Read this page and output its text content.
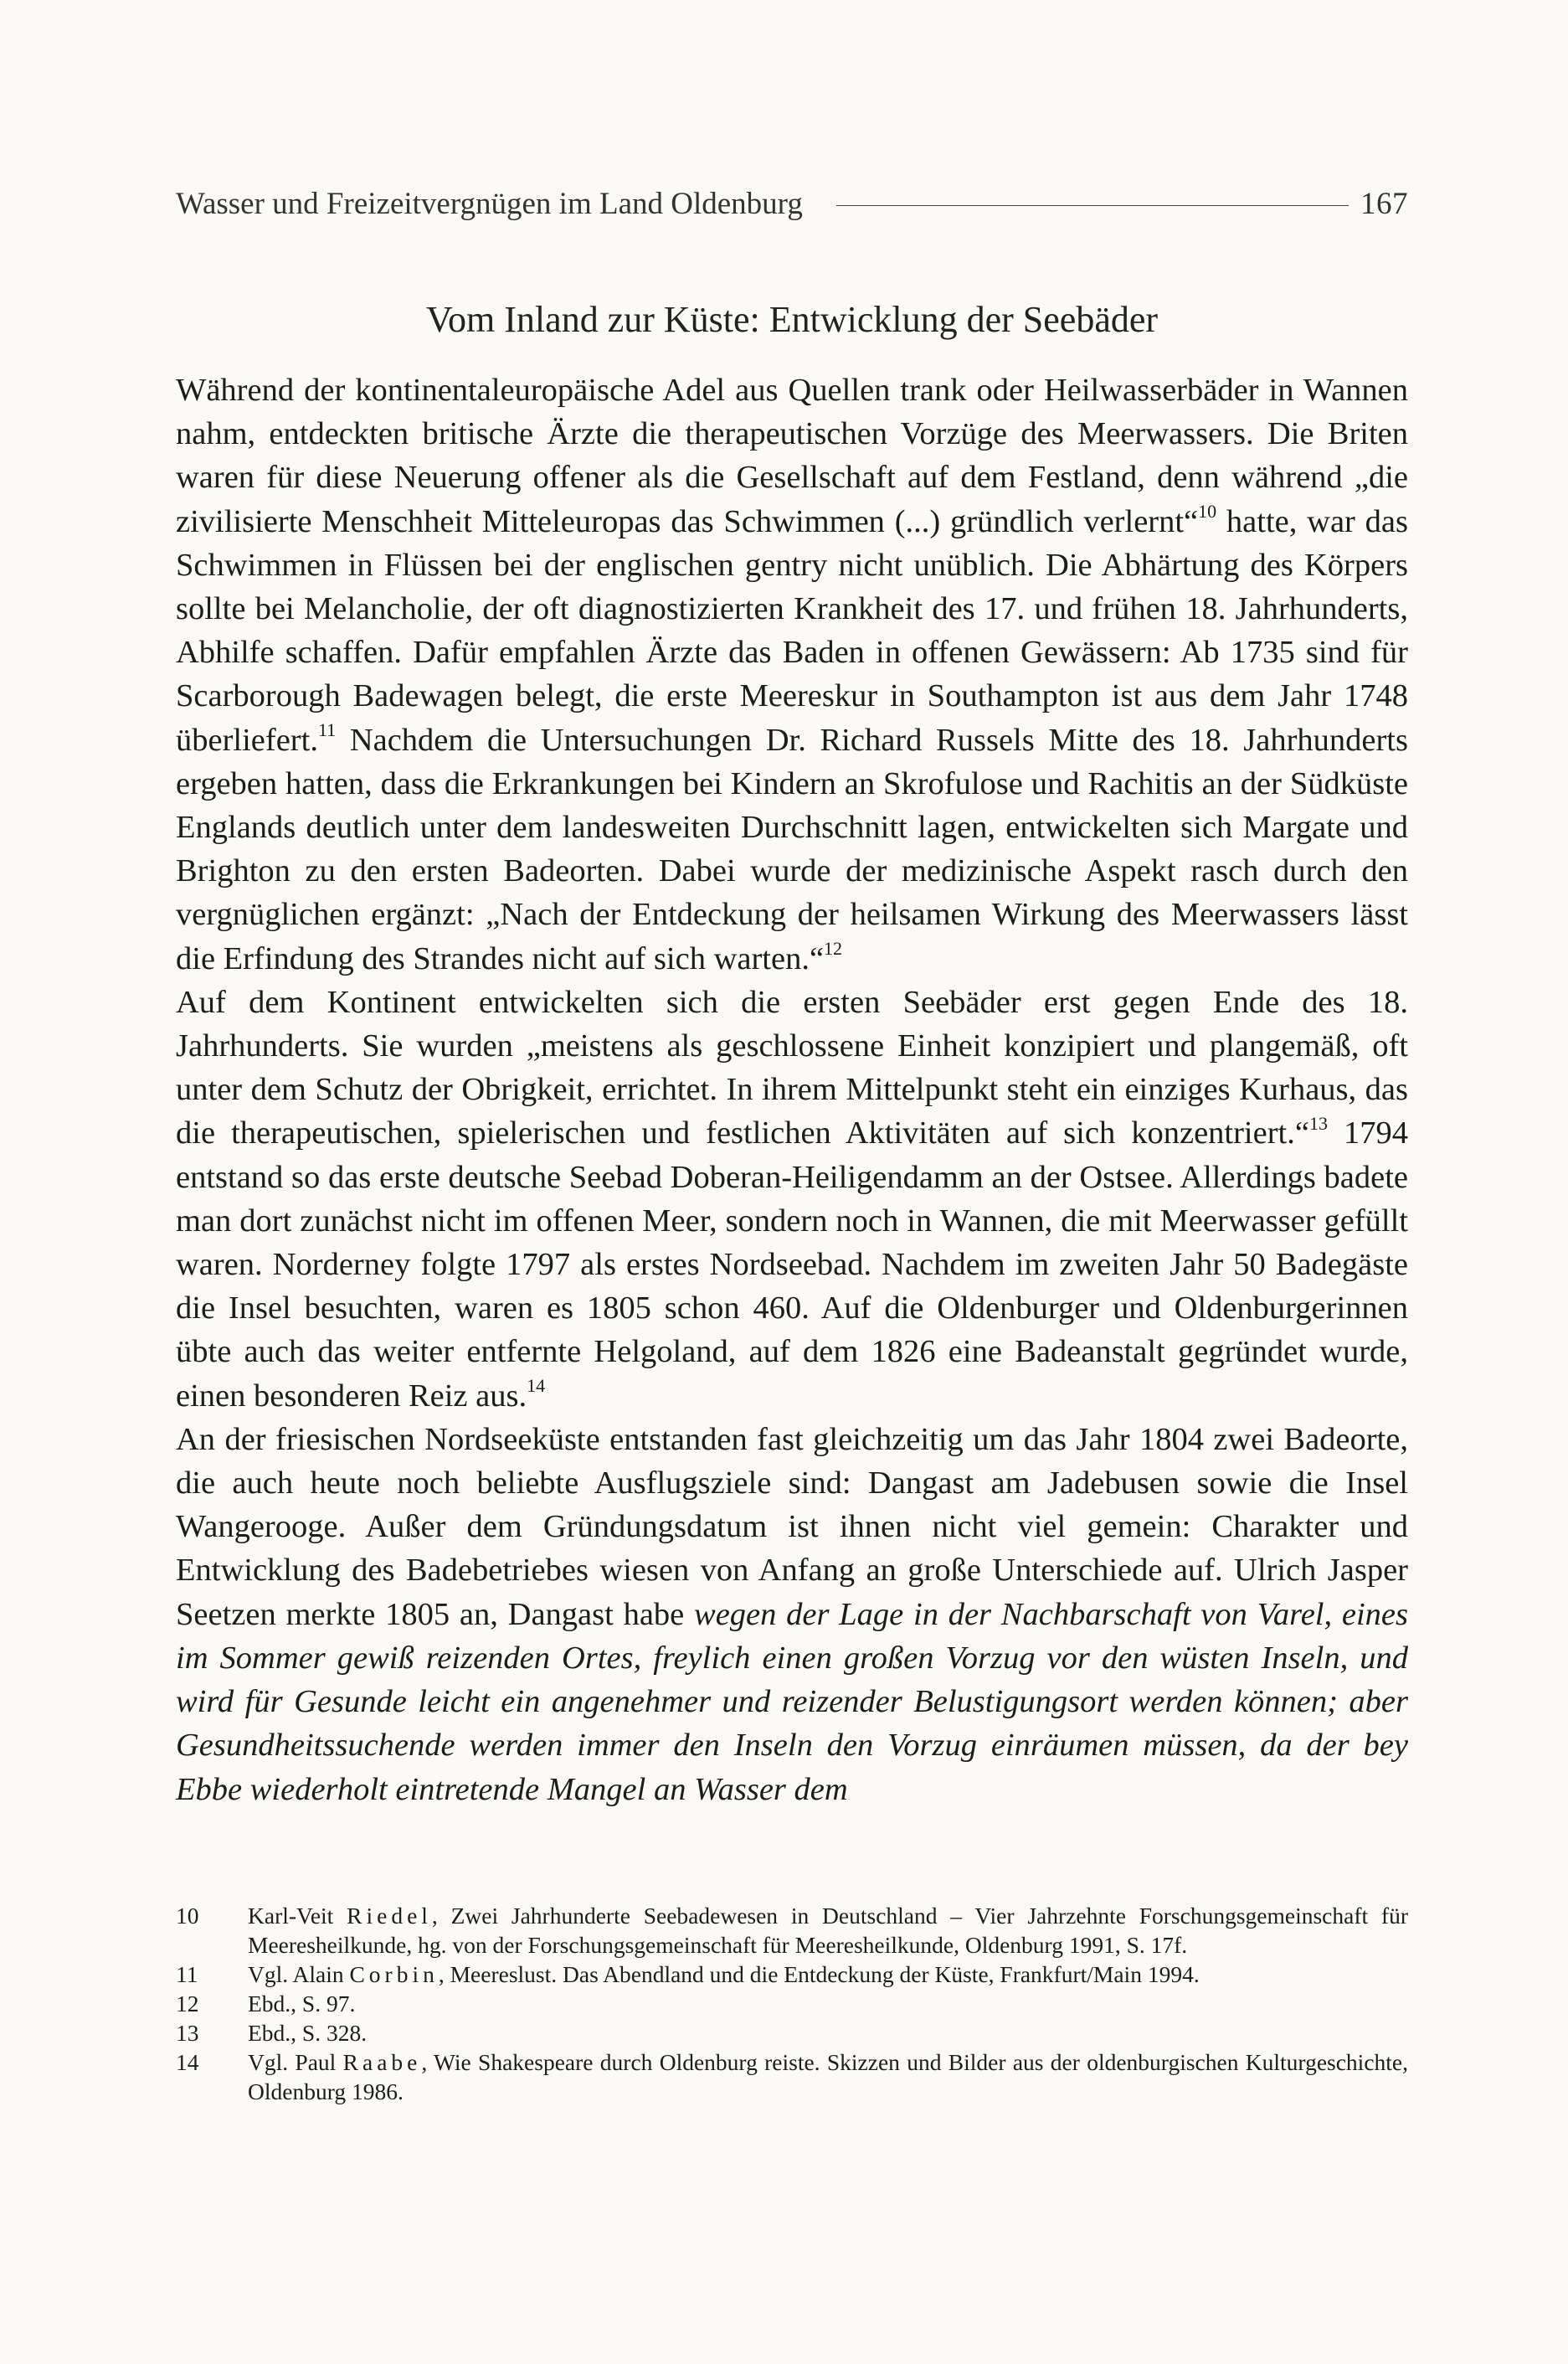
Wasser und Freizeitvergnügen im Land Oldenburg	167
Vom Inland zur Küste: Entwicklung der Seebäder

Während der kontinentaleuropäische Adel aus Quellen trank oder Heilwasserbäder in Wannen nahm, entdeckten britische Ärzte die therapeutischen Vorzüge des Meerwassers. Die Briten waren für diese Neuerung offener als die Gesellschaft auf dem Festland, denn während „die zivilisierte Menschheit Mitteleuropas das Schwimmen (...) gründlich verlernt“$^{10}$ hatte, war das Schwimmen in Flüssen bei der englischen gentry nicht unüblich. Die Abhärtung des Körpers sollte bei Melancholie, der oft diagnostizierten Krankheit des 17. und frühen 18. Jahrhunderts, Abhilfe schaffen. Dafür empfahlen Ärzte das Baden in offenen Gewässern: Ab 1735 sind für Scarborough Badewagen belegt, die erste Meereskur in Southampton ist aus dem Jahr 1748 überliefert.$^{11}$ Nachdem die Untersuchungen Dr. Richard Russels Mitte des 18. Jahrhunderts ergeben hatten, dass die Erkrankungen bei Kindern an Skrofulose und Rachitis an der Südküste Englands deutlich unter dem landesweiten Durchschnitt lagen, entwickelten sich Margate und Brighton zu den ersten Badeorten. Dabei wurde der medizinische Aspekt rasch durch den vergnüglichen ergänzt: „Nach der Entdeckung der heilsamen Wirkung des Meerwassers lässt die Erfindung des Strandes nicht auf sich warten.“$^{12}$

Auf dem Kontinent entwickelten sich die ersten Seebäder erst gegen Ende des 18. Jahrhunderts. Sie wurden „meistens als geschlossene Einheit konzipiert und plangemäß, oft unter dem Schutz der Obrigkeit, errichtet. In ihrem Mittelpunkt steht ein einziges Kurhaus, das die therapeutischen, spielerischen und festlichen Aktivitäten auf sich konzentriert.“$^{13}$ 1794 entstand so das erste deutsche Seebad Doberan-Heiligendamm an der Ostsee. Allerdings badete man dort zunächst nicht im offenen Meer, sondern noch in Wannen, die mit Meerwasser gefüllt waren. Norderney folgte 1797 als erstes Nordseebad. Nachdem im zweiten Jahr 50 Badegäste die Insel besuchten, waren es 1805 schon 460. Auf die Oldenburger und Oldenburgerinnen übte auch das weiter entfernte Helgoland, auf dem 1826 eine Badeanstalt gegründet wurde, einen besonderen Reiz aus.$^{14}$

An der friesischen Nordseeküste entstanden fast gleichzeitig um das Jahr 1804 zwei Badeorte, die auch heute noch beliebte Ausflugsziele sind: Dangast am Jadebusen sowie die Insel Wangerooge. Außer dem Gründungsdatum ist ihnen nicht viel gemein: Charakter und Entwicklung des Badebetriebes wiesen von Anfang an große Unterschiede auf. Ulrich Jasper Seetzen merkte 1805 an, Dangast habe wegen der Lage in der Nachbarschaft von Varel, eines im Sommer gewiß reizenden Ortes, freylich einen großen Vorzug vor den wüsten Inseln, und wird für Gesunde leicht ein angenehmer und reizender Belustigungsort werden können; aber Gesundheitssuchende werden immer den Inseln den Vorzug einräumen müssen, da der bey Ebbe wiederholt eintretende Mangel an Wasser dem

10	Karl-Veit Riedel, Zwei Jahrhunderte Seebadewesen in Deutschland – Vier Jahrzehnte Forschungsgemeinschaft für Meeresheilkunde, hg. von der Forschungsgemeinschaft für Meeresheilkunde, Oldenburg 1991, S. 17f.
11	Vgl. Alain Corbin, Meereslust. Das Abendland und die Entdeckung der Küste, Frankfurt/Main 1994.
12	Ebd., S. 97.
13	Ebd., S. 328.
14	Vgl. Paul Raabe, Wie Shakespeare durch Oldenburg reiste. Skizzen und Bilder aus der oldenburgischen Kulturgeschichte, Oldenburg 1986.
